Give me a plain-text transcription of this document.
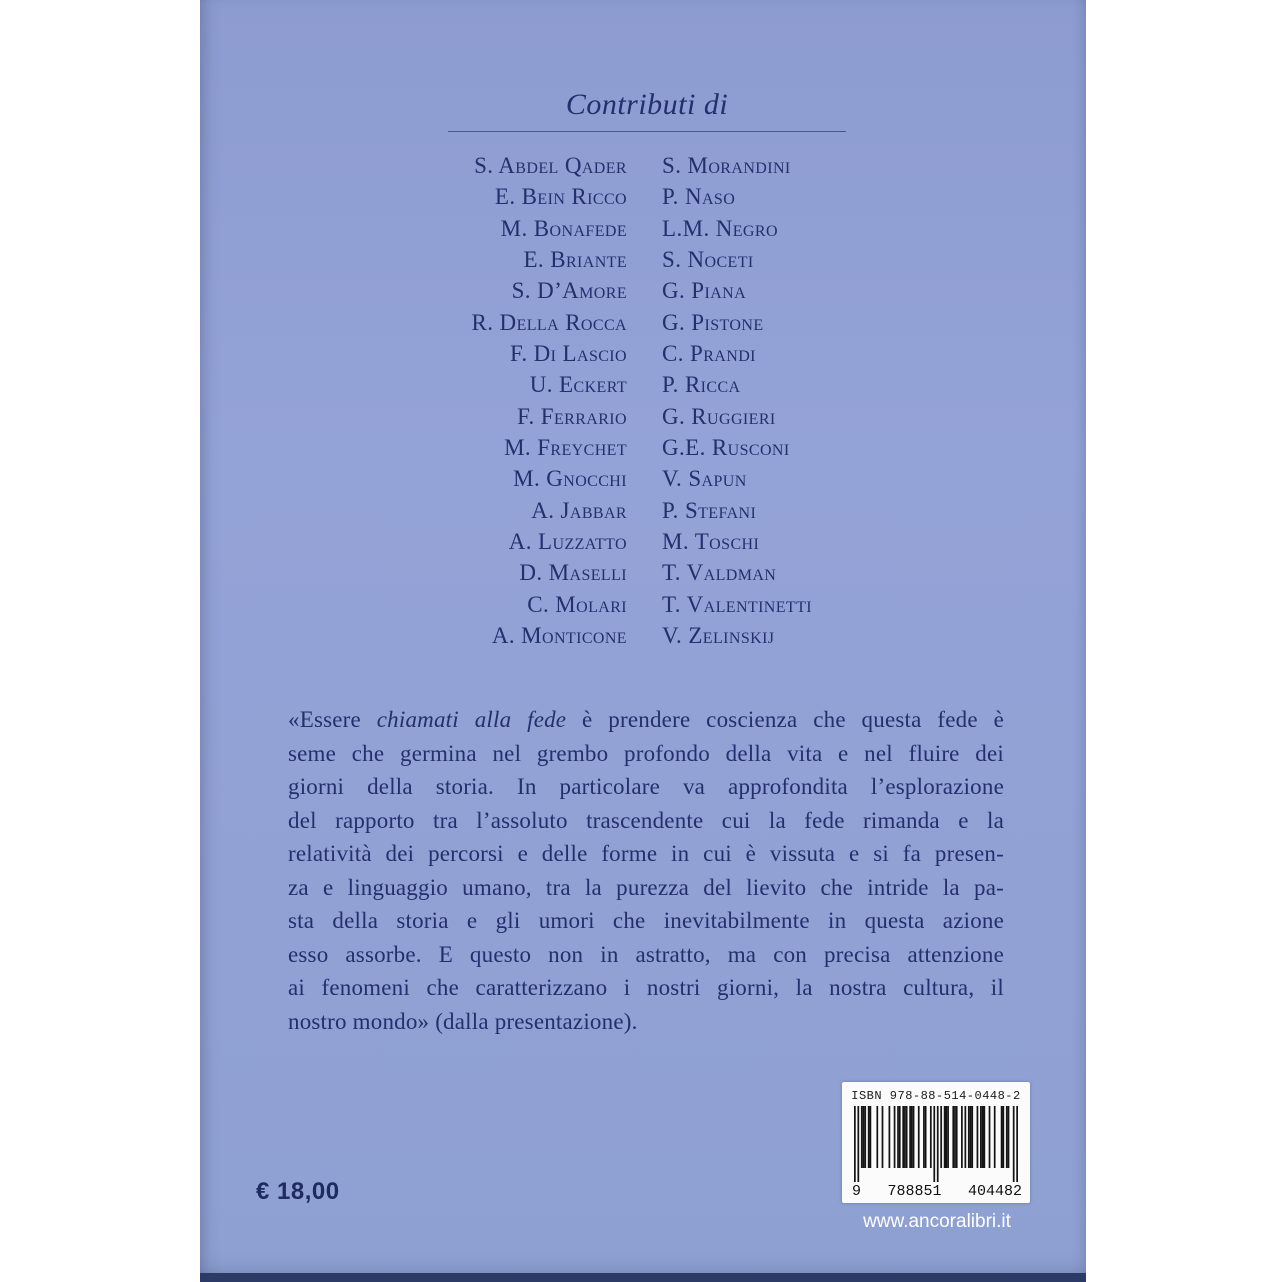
Contributi di
S. Abdel Qader S. Morandini
E. Bein Ricco P. Naso
M. Bonafede L.M. Negro
E. Briante S. Noceti
S. D’Amore G. Piana
R. Della Rocca G. Pistone
F. Di Lascio C. Prandi
U. Eckert P. Ricca
F. Ferrario G. Ruggieri
M. Freychet G.E. Rusconi
M. Gnocchi V. Sapun
A. Jabbar P. Stefani
A. Luzzatto M. Toschi
D. Maselli T. Valdman
C. Molari T. Valentinetti
A. Monticone V. Zelinskij
«Essere chiamati alla fede è prendere coscienza che questa fede è
seme che germina nel grembo profondo della vita e nel fluire dei
giorni della storia. In particolare va approfondita l’esplorazione
del rapporto tra l’assoluto trascendente cui la fede rimanda e la
relatività dei percorsi e delle forme in cui è vissuta e si fa presen-
za e linguaggio umano, tra la purezza del lievito che intride la pa-
sta della storia e gli umori che inevitabilmente in questa azione
esso assorbe. E questo non in astratto, ma con precisa attenzione
ai fenomeni che caratterizzano i nostri giorni, la nostra cultura, il
nostro mondo» (dalla presentazione).
€ 18,00
ISBN 978-88-514-0448-2
9 788851 404482
www.ancoralibri.it
